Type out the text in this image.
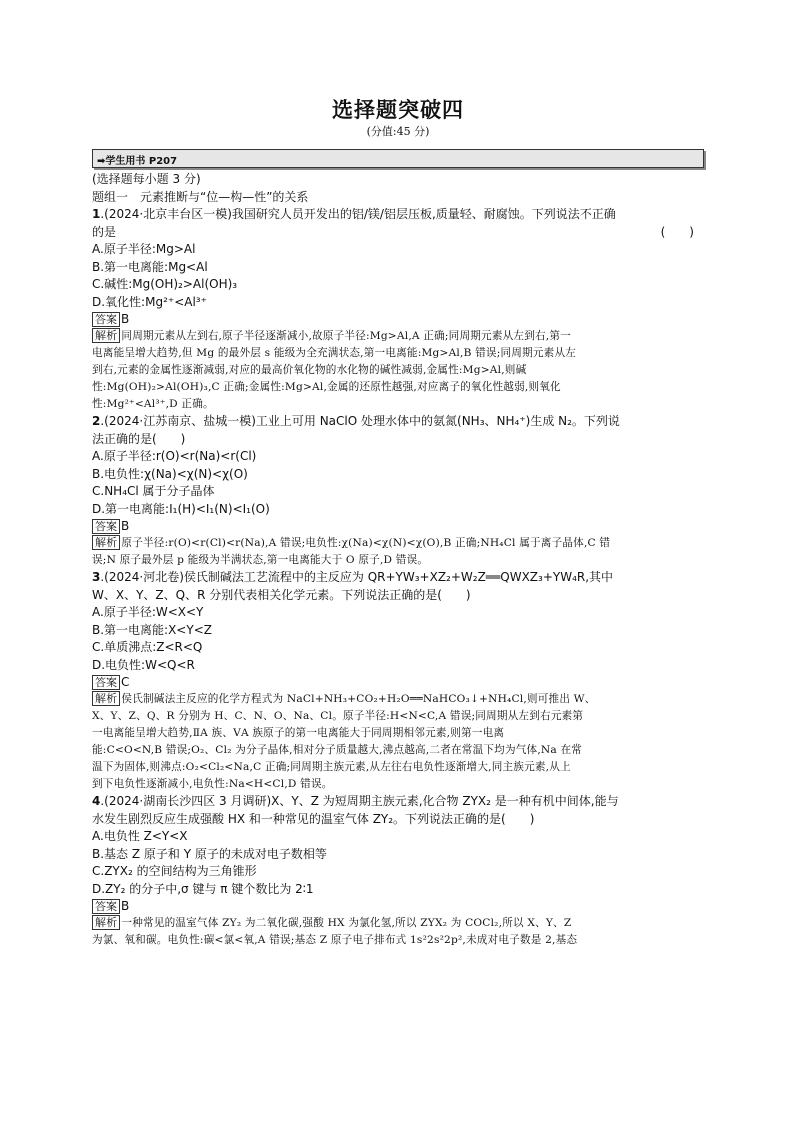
选择题突破四
(分值:45 分)
➡学生用书 P207
(选择题每小题 3 分)
题组一　元素推断与“位—构—性”的关系
1.(2024·北京丰台区一模)我国研究人员开发出的铝/镁/铝层压板,质量轻、耐腐蚀。下列说法不正确
的是	(　　)
A.原子半径:Mg>Al
B.第一电离能:Mg<Al
C.碱性:Mg(OH)₂>Al(OH)₃
D.氧化性:Mg²⁺<Al³⁺
答案 B
解析 同周期元素从左到右,原子半径逐渐减小,故原子半径:Mg>Al,A 正确;同周期元素从左到右,第一
电离能呈增大趋势,但 Mg 的最外层 s 能级为全充满状态,第一电离能:Mg>Al,B 错误;同周期元素从左
到右,元素的金属性逐渐减弱,对应的最高价氧化物的水化物的碱性减弱,金属性:Mg>Al,则碱
性:Mg(OH)₂>Al(OH)₃,C 正确;金属性:Mg>Al,金属的还原性越强,对应离子的氧化性越弱,则氧化
性:Mg²⁺<Al³⁺,D 正确。
2.(2024·江苏南京、盐城一模)工业上可用 NaClO 处理水体中的氨氮(NH₃、NH₄⁺)生成 N₂。下列说
法正确的是(　　)
A.原子半径:r(O)<r(Na)<r(Cl)
B.电负性:χ(Na)<χ(N)<χ(O)
C.NH₄Cl 属于分子晶体
D.第一电离能:I₁(H)<I₁(N)<I₁(O)
答案 B
解析 原子半径:r(O)<r(Cl)<r(Na),A 错误;电负性:χ(Na)<χ(N)<χ(O),B 正确;NH₄Cl 属于离子晶体,C 错
误;N 原子最外层 p 能级为半满状态,第一电离能大于 O 原子,D 错误。
3.(2024·河北卷)侯氏制碱法工艺流程中的主反应为 QR+YW₃+XZ₂+W₂Z══QWXZ₃+YW₄R,其中
W、X、Y、Z、Q、R 分别代表相关化学元素。下列说法正确的是(　　)
A.原子半径:W<X<Y
B.第一电离能:X<Y<Z
C.单质沸点:Z<R<Q
D.电负性:W<Q<R
答案 C
解析 侯氏制碱法主反应的化学方程式为 NaCl+NH₃+CO₂+H₂O══NaHCO₃↓+NH₄Cl,则可推出 W、
X、Y、Z、Q、R 分别为 H、C、N、O、Na、Cl。原子半径:H<N<C,A 错误;同周期从左到右元素第
一电离能呈增大趋势,ⅡA 族、ⅤA 族原子的第一电离能大于同周期相邻元素,则第一电离
能:C<O<N,B 错误;O₂、Cl₂ 为分子晶体,相对分子质量越大,沸点越高,二者在常温下均为气体,Na 在常
温下为固体,则沸点:O₂<Cl₂<Na,C 正确;同周期主族元素,从左往右电负性逐渐增大,同主族元素,从上
到下电负性逐渐减小,电负性:Na<H<Cl,D 错误。
4.(2024·湖南长沙四区 3 月调研)X、Y、Z 为短周期主族元素,化合物 ZYX₂ 是一种有机中间体,能与
水发生剧烈反应生成强酸 HX 和一种常见的温室气体 ZY₂。下列说法正确的是(　　)
A.电负性 Z<Y<X
B.基态 Z 原子和 Y 原子的未成对电子数相等
C.ZYX₂ 的空间结构为三角锥形
D.ZY₂ 的分子中,σ 键与 π 键个数比为 2∶1
答案 B
解析 一种常见的温室气体 ZY₂ 为二氧化碳,强酸 HX 为氯化氢,所以 ZYX₂ 为 COCl₂,所以 X、Y、Z
为氯、氧和碳。电负性:碳<氯<氧,A 错误;基态 Z 原子电子排布式 1s²2s²2p²,未成对电子数是 2,基态
